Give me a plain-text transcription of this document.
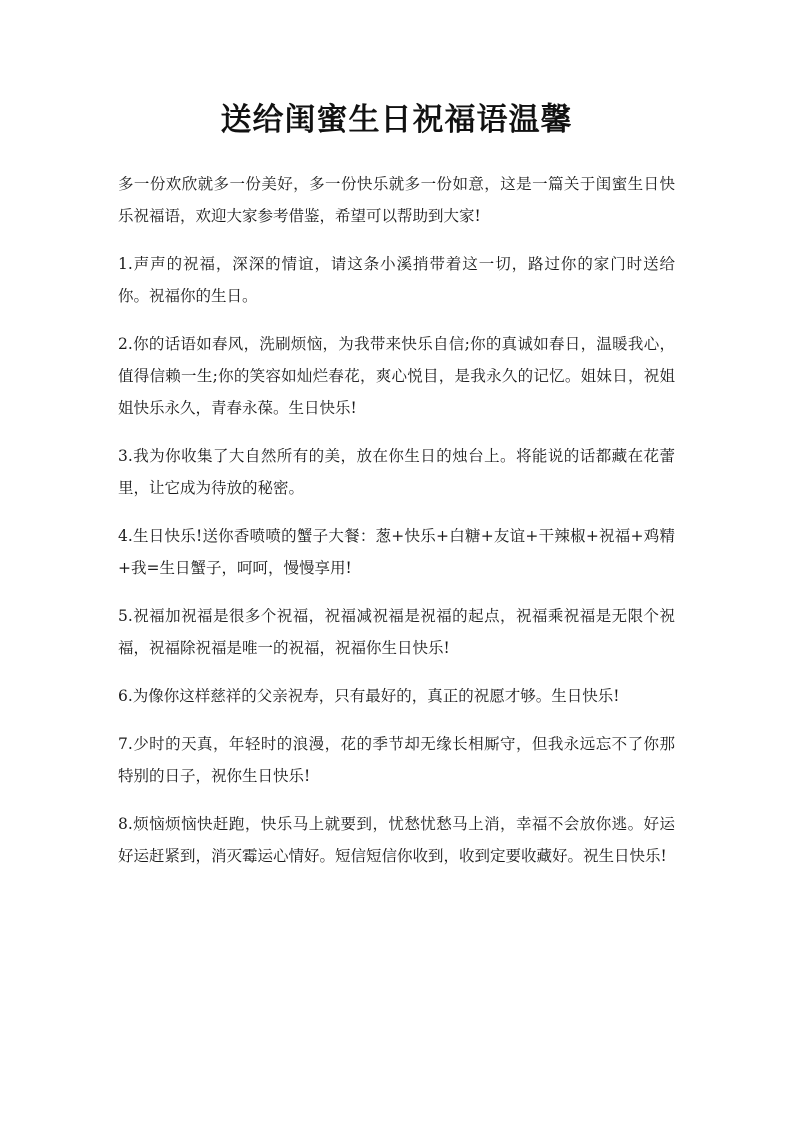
送给闺蜜生日祝福语温馨

多一份欢欣就多一份美好，多一份快乐就多一份如意，这是一篇关于闺蜜生日快乐祝福语，欢迎大家参考借鉴，希望可以帮助到大家!

1.声声的祝福，深深的情谊，请这条小溪捎带着这一切，路过你的家门时送给你。祝福你的生日。

2.你的话语如春风，洗刷烦恼，为我带来快乐自信;你的真诚如春日，温暖我心，值得信赖一生;你的笑容如灿烂春花，爽心悦目，是我永久的记忆。姐妹日，祝姐姐快乐永久，青春永葆。生日快乐!

3.我为你收集了大自然所有的美，放在你生日的烛台上。将能说的话都藏在花蕾里，让它成为待放的秘密。

4.生日快乐!送你香喷喷的蟹子大餐：葱+快乐+白糖+友谊+干辣椒+祝福+鸡精+我=生日蟹子，呵呵，慢慢享用!

5.祝福加祝福是很多个祝福，祝福减祝福是祝福的起点，祝福乘祝福是无限个祝福，祝福除祝福是唯一的祝福，祝福你生日快乐!

6.为像你这样慈祥的父亲祝寿，只有最好的，真正的祝愿才够。生日快乐!

7.少时的天真，年轻时的浪漫，花的季节却无缘长相厮守，但我永远忘不了你那特别的日子，祝你生日快乐!

8.烦恼烦恼快赶跑，快乐马上就要到，忧愁忧愁马上消，幸福不会放你逃。好运好运赶紧到，消灭霉运心情好。短信短信你收到，收到定要收藏好。祝生日快乐!
